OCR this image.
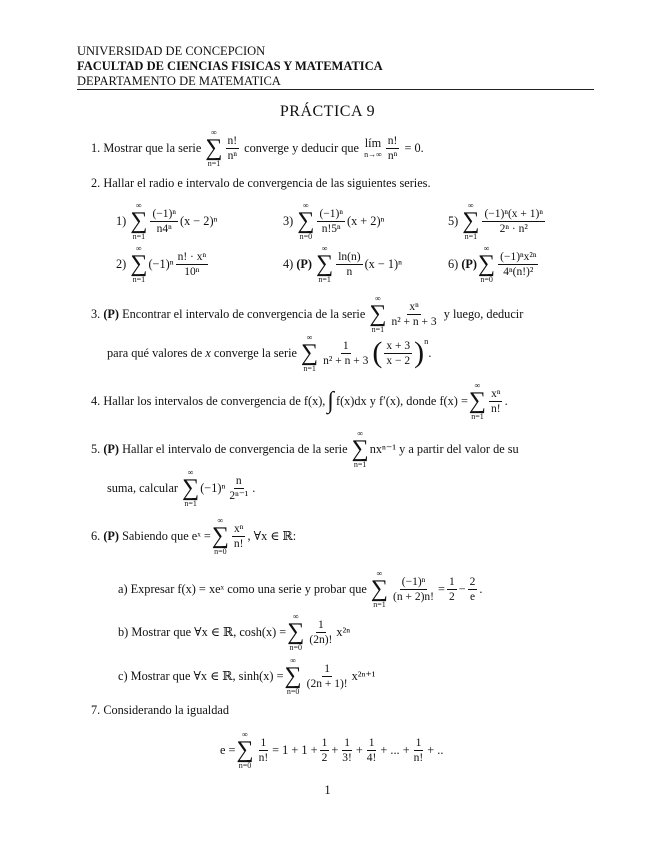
UNIVERSIDAD DE CONCEPCION
FACULTAD DE CIENCIAS FISICAS Y MATEMATICA
DEPARTAMENTO DE MATEMATICA
PRÁCTICA 9
1.
Mostrar que la serie

∞
∑
n=1
$\frac{n!}{\text{nⁿ}}$
converge y deducir que
lím
$n\to\infty \frac{n!}{\text{nⁿ}}$
= 0.
2.
Hallar el radio e intervalo de convergencia de las siguientes series.
1)

∞
∑
n=1
$\frac{\text{(−1)ⁿ}}{\text{n4ⁿ}} (x - 2)^n$	3)

∞
∑
n=0
$\frac{\text{(−1)ⁿ}}{\text{n!5ⁿ}} (x + 2)^n$	5)

∞
∑
n=1
$\frac{\text{(−1)ⁿ(x + 1)ⁿ}}{\text{2ⁿ · n²}}$
2)

∞
∑
n=1
$(-1)^n \frac{\text{n! · xⁿ}}{\text{10ⁿ}}$	4)
(P)

∞
∑
n=1
$\frac{\ln(n)}{n} (x - 1)^n$	6)
(P)
∞
∑
n=0
$\frac{\text{(−1)ⁿx²ⁿ}}{\text{4ⁿ(n!)²}}$
3.
(P)
Encontrar el intervalo de convergencia de la serie

∞
∑
n=1
$\frac{\text{xⁿ}}{\text{n² + n + 3}}$
y luego, deducir
para qué valores de
x
converge la serie

∞
∑
n=1
$\frac{1}{\text{n² + n + 3}}$ ( $\frac{x + 3}{x - 2} )^n$
.
4.
Hallar los intervalos de convergencia de
f(x), ∫ f(x)dx
y
f′(x),
donde
f(x) =
∞
∑
n=1
$\frac{\text{xⁿ}}{n!}$ .
5.
(P)
Hallar el intervalo de convergencia de la serie

∞
∑
n=1
nxⁿ⁻¹
y a partir del valor de su
suma, calcular

∞
∑
n=1
$(-1)^n \frac{n}{\text{2ⁿ⁻¹}}$ .
6.
(P)
Sabiendo que
eˣ =
∞
∑
n=0
$\frac{\text{xⁿ}}{n!}$ , ∀x ∈ ℝ:
a)
Expresar
f(x) = xeˣ
como una serie y probar que

∞
∑
n=1
$\frac{\text{(−1)ⁿ}}{(n + 2)n!} = \frac{1}{2} - \frac{2}{e}$ .
b)
Mostrar que ∀x ∈ ℝ, cosh(x) =
∞
∑
n=0
$\frac{1}{(2n)!} x^{2n}$
c)
Mostrar que ∀x ∈ ℝ, sinh(x) =
∞
∑
n=0
$\frac{1}{(2n + 1)!} x^{2n+1}$
7.
Considerando la igualdad
e =
∞
∑
n=0
$\frac{1}{n!} = 1 + 1 + \frac{1}{2} + \frac{1}{3!} + \frac{1}{4!}$ + ... + $\frac{1}{n!}$ + ..
1
